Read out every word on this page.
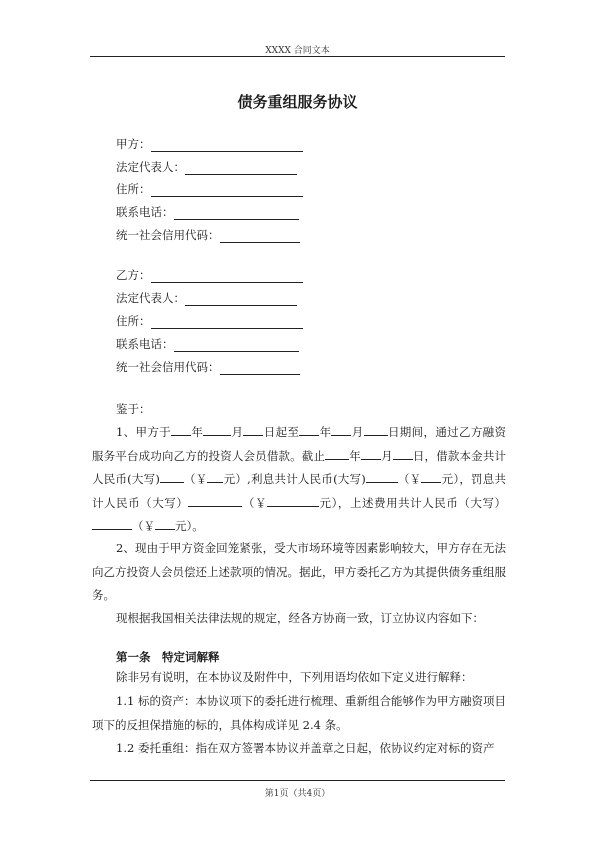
XXXX 合同文本
债务重组服务协议
甲方：
法定代表人：
住所：
联系电话：
统一社会信用代码：
乙方：
法定代表人：
住所：
联系电话：
统一社会信用代码：
鉴于：
1、甲方于 年 月 日起至 年 月 日期间，通过乙方融资服务平台成功向乙方的投资人会员借款。截止 年 月 日，借款本金共计人民币(大写) （￥ 元）,利息共计人民币(大写)	（￥ 元），罚息共计人民币（大写）	（￥	元），上述费用共计人民币（大写）（￥ 元）。
2、现由于甲方资金回笼紧张，受大市场环境等因素影响较大，甲方存在无法向乙方投资人会员偿还上述款项的情况。据此，甲方委托乙方为其提供债务重组服务。
现根据我国相关法律法规的规定，经各方协商一致，订立协议内容如下：
第一条　特定词解释
除非另有说明，在本协议及附件中，下列用语均依如下定义进行解释：
1.1 标的资产：本协议项下的委托进行梳理、重新组合能够作为甲方融资项目项下的反担保措施的标的，具体构成详见 2.4 条。
1.2 委托重组：指在双方签署本协议并盖章之日起，依协议约定对标的资产
第1页（共4页）
